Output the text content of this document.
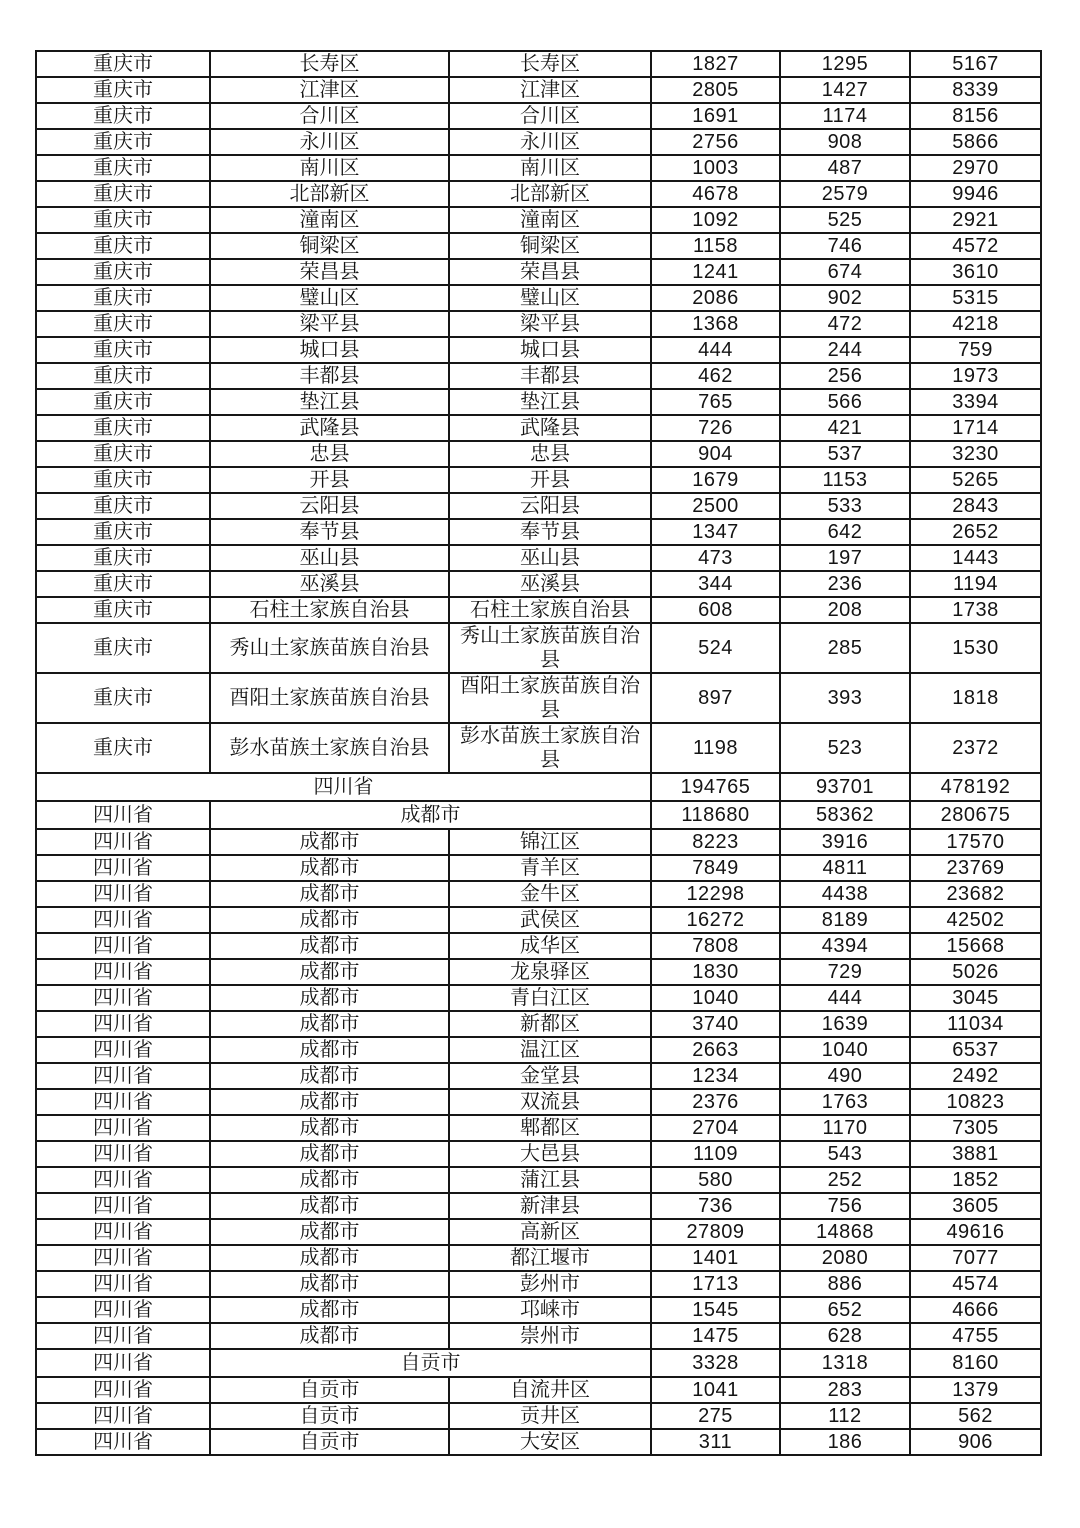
重庆市	长寿区	长寿区	1827	1295	5167
重庆市	江津区	江津区	2805	1427	8339
重庆市	合川区	合川区	1691	1174	8156
重庆市	永川区	永川区	2756	908	5866
重庆市	南川区	南川区	1003	487	2970
重庆市	北部新区	北部新区	4678	2579	9946
重庆市	潼南区	潼南区	1092	525	2921
重庆市	铜梁区	铜梁区	1158	746	4572
重庆市	荣昌县	荣昌县	1241	674	3610
重庆市	璧山区	璧山区	2086	902	5315
重庆市	梁平县	梁平县	1368	472	4218
重庆市	城口县	城口县	444	244	759
重庆市	丰都县	丰都县	462	256	1973
重庆市	垫江县	垫江县	765	566	3394
重庆市	武隆县	武隆县	726	421	1714
重庆市	忠县	忠县	904	537	3230
重庆市	开县	开县	1679	1153	5265
重庆市	云阳县	云阳县	2500	533	2843
重庆市	奉节县	奉节县	1347	642	2652
重庆市	巫山县	巫山县	473	197	1443
重庆市	巫溪县	巫溪县	344	236	1194
重庆市	石柱土家族自治县	石柱土家族自治县	608	208	1738
重庆市	秀山土家族苗族自治县	秀山土家族苗族自治县	524	285	1530
重庆市	酉阳土家族苗族自治县	酉阳土家族苗族自治县	897	393	1818
重庆市	彭水苗族土家族自治县	彭水苗族土家族自治县	1198	523	2372
四川省			194765	93701	478192
四川省	成都市		118680	58362	280675
四川省	成都市	锦江区	8223	3916	17570
四川省	成都市	青羊区	7849	4811	23769
四川省	成都市	金牛区	12298	4438	23682
四川省	成都市	武侯区	16272	8189	42502
四川省	成都市	成华区	7808	4394	15668
四川省	成都市	龙泉驿区	1830	729	5026
四川省	成都市	青白江区	1040	444	3045
四川省	成都市	新都区	3740	1639	11034
四川省	成都市	温江区	2663	1040	6537
四川省	成都市	金堂县	1234	490	2492
四川省	成都市	双流县	2376	1763	10823
四川省	成都市	郫都区	2704	1170	7305
四川省	成都市	大邑县	1109	543	3881
四川省	成都市	蒲江县	580	252	1852
四川省	成都市	新津县	736	756	3605
四川省	成都市	高新区	27809	14868	49616
四川省	成都市	都江堰市	1401	2080	7077
四川省	成都市	彭州市	1713	886	4574
四川省	成都市	邛崃市	1545	652	4666
四川省	成都市	崇州市	1475	628	4755
四川省	自贡市		3328	1318	8160
四川省	自贡市	自流井区	1041	283	1379
四川省	自贡市	贡井区	275	112	562
四川省	自贡市	大安区	311	186	906
